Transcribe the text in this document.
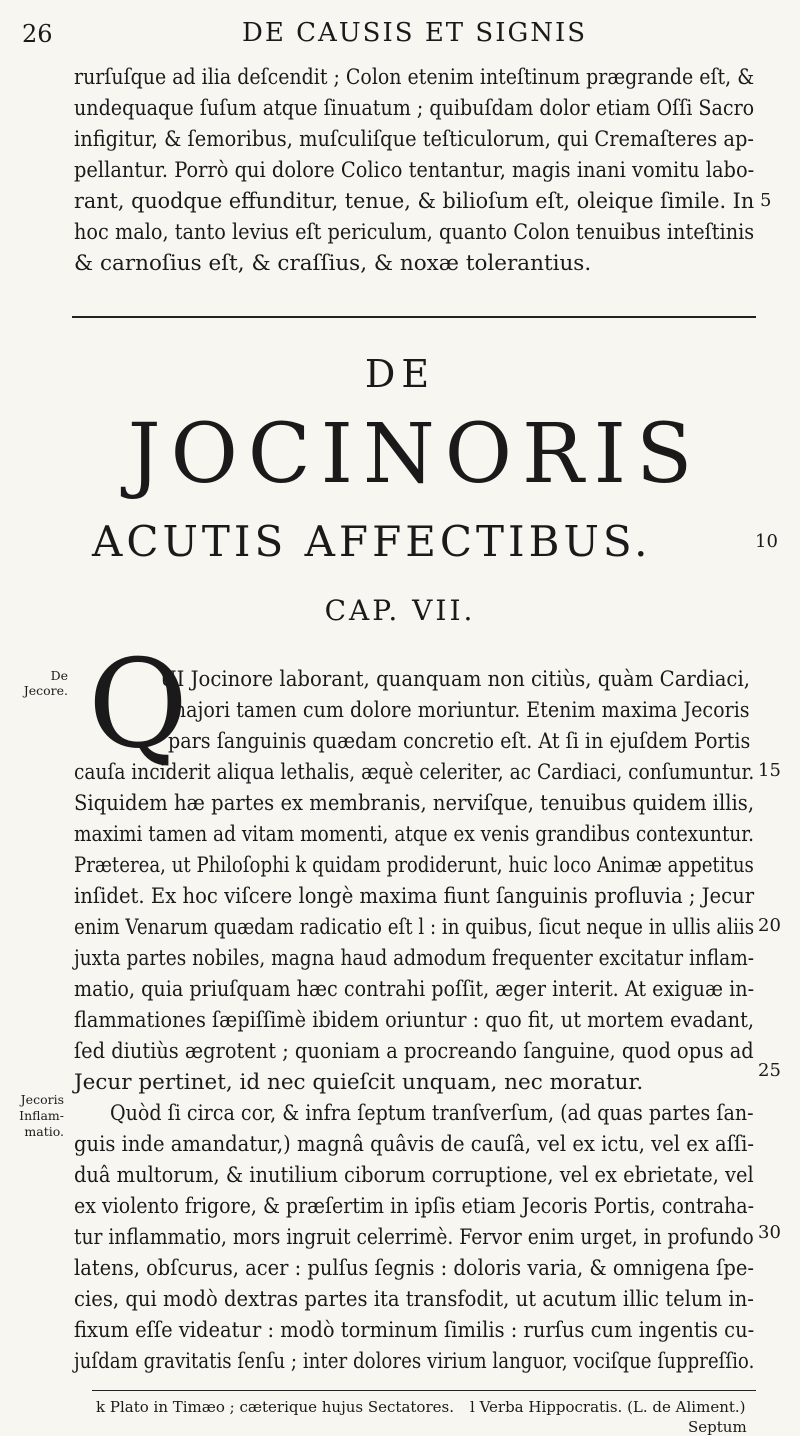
26	DE CAUSIS ET SIGNIS
rurſuſque ad ilia deſcendit ; Colon etenim inteſtinum prægrande eſt, &
undequaque ſuſum atque ſinuatum ; quibuſdam dolor etiam Oſſi Sacro
infigitur, & ſemoribus, muſculiſque teſticulorum, qui Cremaſteres ap-
pellantur. Porrò qui dolore Colico tentantur, magis inani vomitu labo-
rant, quodque effunditur, tenue, & bilioſum eſt, oleique ſimile. In
hoc malo, tanto levius eſt periculum, quanto Colon tenuibus inteſtinis
& carnoſius eſt, & craſſius, & noxæ tolerantius.
5
DE
JOCINORIS
ACUTIS AFFECTIBUS.	10
CAP. VII.
De Jecore.
Jecoris
Inflam-
matio.
Q
UI Jocinore laborant, quanquam non citiùs, quàm Cardiaci,
majori tamen cum dolore moriuntur. Etenim maxima Jecoris
pars ſanguinis quædam concretio eſt. At ſi in ejuſdem Portis
cauſa inciderit aliqua lethalis, æquè celeriter, ac Cardiaci, conſumuntur. 15
Siquidem hæ partes ex membranis, nerviſque, tenuibus quidem illis,
maximi tamen ad vitam momenti, atque ex venis grandibus contexuntur.
Præterea, ut Philoſophi k quidam prodiderunt, huic loco Animæ appetitus
inſidet. Ex hoc viſcere longè maxima fiunt ſanguinis profluvia ; Jecur
enim Venarum quædam radicatio eſt l : in quibus, ſicut neque in ullis aliis 20
juxta partes nobiles, magna haud admodum frequenter excitatur inflam-
matio, quia priuſquam hæc contrahi poſſit, æger interit. At exiguæ in-
flammationes ſæpiſſimè ibidem oriuntur : quo fit, ut mortem evadant,
ſed diutiùs ægrotent ; quoniam a procreando ſanguine, quod opus ad
Jecur pertinet, id nec quieſcit unquam, nec moratur.	25
Quòd ſi circa cor, & infra ſeptum tranſverſum, (ad quas partes ſan-
guis inde amandatur,) magnâ quâvis de cauſâ, vel ex ictu, vel ex aſſi-
duâ multorum, & inutilium ciborum corruptione, vel ex ebrietate, vel
ex violento frigore, & præſertim in ipſis etiam Jecoris Portis, contraha-
tur inflammatio, mors ingruit celerrimè. Fervor enim urget, in profundo 30
latens, obſcurus, acer : pulſus ſegnis : doloris varia, & omnigena ſpe-
cies, qui modò dextras partes ita transfodit, ut acutum illic telum in-
fixum eſſe videatur : modò torminum ſimilis : rurſus cum ingentis cu-
juſdam gravitatis ſenſu ; inter dolores virium languor, vociſque ſuppreſſio.
k Plato in Timæo ; cæterique hujus Sectatores. l Verba Hippocratis. (L. de Aliment.)
Septum
